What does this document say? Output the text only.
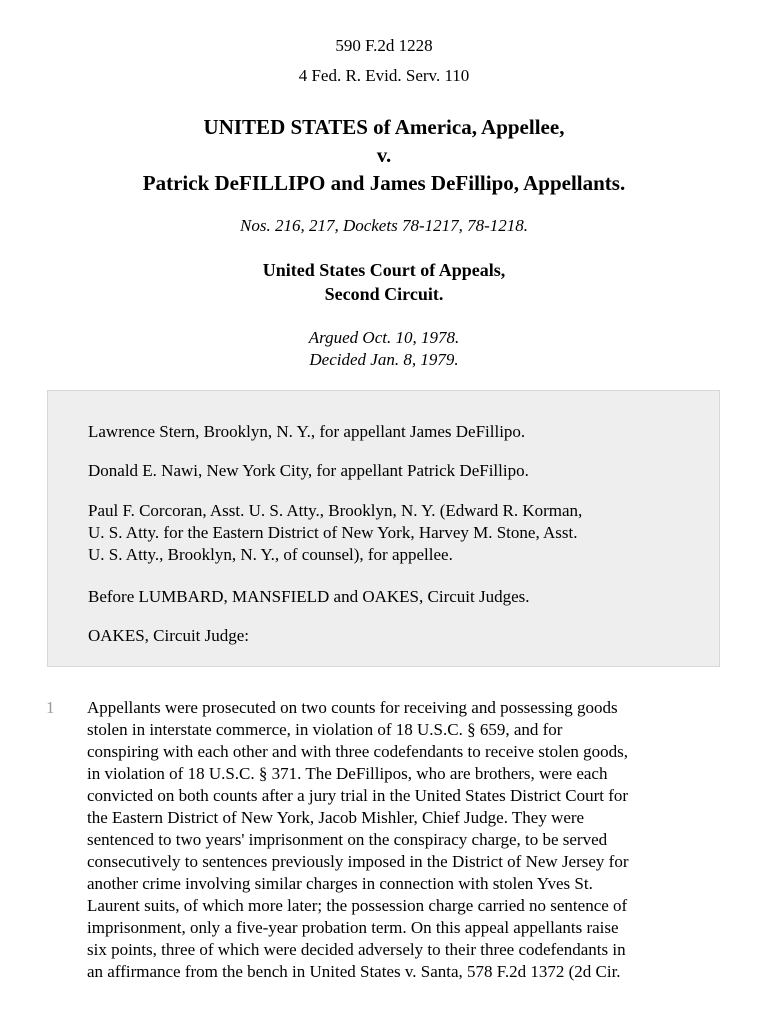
590 F.2d 1228
4 Fed. R. Evid. Serv. 110
UNITED STATES of America, Appellee,
v.
Patrick DeFILLIPO and James DeFillipo, Appellants.
Nos. 216, 217, Dockets 78-1217, 78-1218.
United States Court of Appeals,
Second Circuit.
Argued Oct. 10, 1978.
Decided Jan. 8, 1979.

Lawrence Stern, Brooklyn, N. Y., for appellant James DeFillipo.

Donald E. Nawi, New York City, for appellant Patrick DeFillipo.

Paul F. Corcoran, Asst. U. S. Atty., Brooklyn, N. Y. (Edward R. Korman,
U. S. Atty. for the Eastern District of New York, Harvey M. Stone, Asst.
U. S. Atty., Brooklyn, N. Y., of counsel), for appellee.

Before LUMBARD, MANSFIELD and OAKES, Circuit Judges.

OAKES, Circuit Judge:

1 Appellants were prosecuted on two counts for receiving and possessing goods
stolen in interstate commerce, in violation of 18 U.S.C. § 659, and for
conspiring with each other and with three codefendants to receive stolen goods,
in violation of 18 U.S.C. § 371. The DeFillipos, who are brothers, were each
convicted on both counts after a jury trial in the United States District Court for
the Eastern District of New York, Jacob Mishler, Chief Judge. They were
sentenced to two years' imprisonment on the conspiracy charge, to be served
consecutively to sentences previously imposed in the District of New Jersey for
another crime involving similar charges in connection with stolen Yves St.
Laurent suits, of which more later; the possession charge carried no sentence of
imprisonment, only a five-year probation term. On this appeal appellants raise
six points, three of which were decided adversely to their three codefendants in
an affirmance from the bench in United States v. Santa, 578 F.2d 1372 (2d Cir.
